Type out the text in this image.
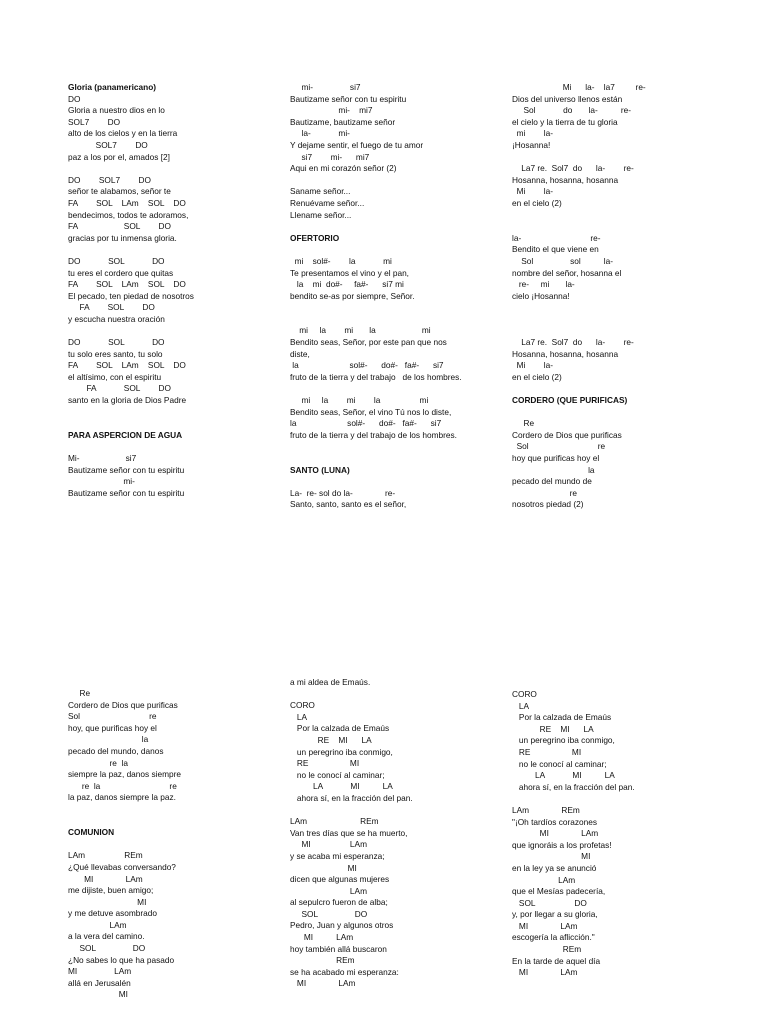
Gloria (panamericano)
DO
Gloria a nuestro dios en lo
SOL7        DO
alto de los cielos y en la tierra
SOL7        DO
paz a los por el, amados [2]
DO        SOL7        DO
señor te alabamos, señor te
FA        SOL    LAm    SOL    DO
bendecimos, todos te adoramos,
FA                    SOL        DO
gracias por tu inmensa gloria.
DO            SOL            DO
tu eres el cordero que quitas
FA        SOL    LAm    SOL    DO
El pecado, ten piedad de nosotros
FA        SOL        DO
y escucha nuestra oración
DO            SOL            DO
tu solo eres santo, tu solo
FA        SOL    LAm    SOL    DO
el altísimo, con el espiritu
FA            SOL        DO
santo en la gloria de Dios Padre
PARA ASPERCION DE AGUA
Mi-                    si7
Bautizame señor con tu espiritu
mi-
Bautizame señor con tu espiritu
mi-                si7
Bautizame señor con tu espiritu
mi-    mi7
Bautizame, bautizame señor
la-            mi-
Y dejame sentir, el fuego de tu amor
si7        mi-      mi7
Aqui en mi corazón señor (2)
Saname señor...
Renuévame señor...
Llename señor...
OFERTORIO
mi    sol#-        la            mi
Te presentamos el vino y el pan,
la    mi  do#-     fa#-      si7 mi
bendito se-as por siempre, Señor.
mi     la        mi       la                    mi
Bendito seas, Señor, por este pan que nos
diste,
la                      sol#-      do#-   fa#-      si7
fruto de la tierra y del trabajo   de los hombres.
mi     la        mi        la                 mi
Bendito seas, Señor, el vino Tú nos lo diste,
la                      sol#-      do#-   fa#-      si7
fruto de la tierra y del trabajo de los hombres.
SANTO (LUNA)
La-  re- sol do la-              re-
Santo, santo, santo es el señor,
Mi      la-    la7         re-
Dios del universo llenos están
Sol            do       la-          re-
el cielo y la tierra de tu gloria
mi        la-
¡Hosanna!
La7 re.  Sol7  do      la-        re-
Hosanna, hosanna, hosanna
Mi        la-
en el cielo (2)
la-                              re-
Bendito el que viene en
Sol                sol          la-
nombre del señor, hosanna el
re-     mi       la-
cielo ¡Hosanna!
La7 re.  Sol7  do      la-        re-
Hosanna, hosanna, hosanna
Mi        la-
en el cielo (2)
CORDERO (QUE PURIFICAS)
Re
Cordero de Dios que purificas
Sol                              re
hoy que purificas hoy el
la
pecado del mundo de
re
nosotros piedad (2)
Re
Cordero de Dios que purificas
Sol                              re
hoy, que purificas hoy el
la
pecado del mundo, danos
re  la
siempre la paz, danos siempre
re  la                              re
la paz, danos siempre la paz.
COMUNION
LAm                 REm
¿Qué llevabas conversando?
MI              LAm
me dijiste, buen amigo;
MI
y me detuve asombrado
LAm
a la vera del camino.
SOL                DO
¿No sabes lo que ha pasado
MI                LAm
allá en Jerusalén
MI
a mi aldea de Emaús.
CORO
LA
Por la calzada de Emaús
RE    MI      LA
un peregrino iba conmigo,
RE                  MI
no le conocí al caminar;
LA            MI          LA
ahora sí, en la fracción del pan.
LAm                       REm
Van tres días que se ha muerto,
MI                 LAm
y se acaba mi esperanza;
MI
dicen que algunas mujeres
LAm
al sepulcro fueron de alba;
SOL                DO
Pedro, Juan y algunos otros
MI          LAm
hoy también allá buscaron
REm
se ha acabado mi esperanza:
MI              LAm
CORO
LA
Por la calzada de Emaús
RE    MI      LA
un peregrino iba conmigo,
RE                  MI
no le conocí al caminar;
LA            MI          LA
ahora sí, en la fracción del pan.
LAm              REm
"¡Oh tardíos corazones
MI              LAm
que ignoráis a los profetas!
MI
en la ley ya se anunció
LAm
que el Mesías padecería,
SOL                 DO
y, por llegar a su gloria,
MI              LAm
escogería la aflicción."
REm
En la tarde de aquel día
MI              LAm
